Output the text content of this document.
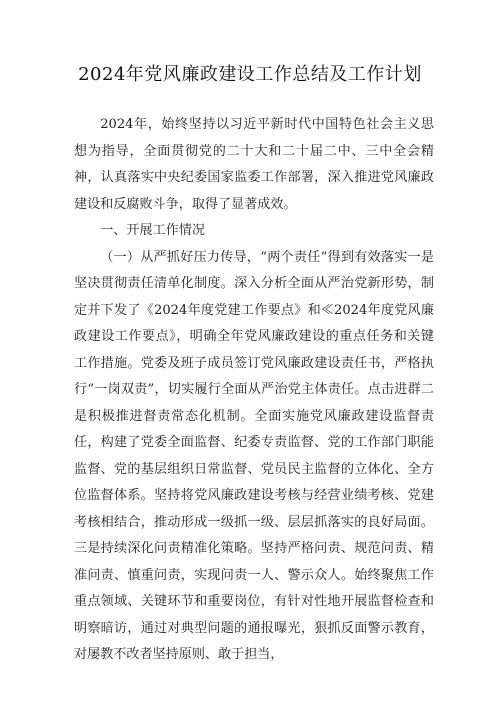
2024年党风廉政建设工作总结及工作计划

2024年，始终坚持以习近平新时代中国特色社会主义思想为指导，全面贯彻党的二十大和二十届二中、三中全会精神，认真落实中央纪委国家监委工作部署，深入推进党风廉政建设和反腐败斗争，取得了显著成效。

一、开展工作情况

（一）从严抓好压力传导，“两个责任”得到有效落实一是坚决贯彻责任清单化制度。深入分析全面从严治党新形势，制定并下发了《2024年度党建工作要点》和≪2024年度党风廉政建设工作要点》，明确全年党风廉政建设的重点任务和关键工作措施。党委及班子成员签订党风廉政建设责任书，严格执行“一岗双责”，切实履行全面从严治党主体责任。点击进群二是积极推进督责常态化机制。全面实施党风廉政建设监督责任，构建了党委全面监督、纪委专责监督、党的工作部门职能监督、党的基层组织日常监督、党员民主监督的立体化、全方位监督体系。坚持将党风廉政建设考核与经营业绩考核、党建考核相结合，推动形成一级抓一级、层层抓落实的良好局面。三是持续深化问责精准化策略。坚持严格问责、规范问责、精准问责、慎重问责，实现问责一人、警示众人。始终聚焦工作重点领域、关键环节和重要岗位，有针对性地开展监督检查和明察暗访，通过对典型问题的通报曝光，狠抓反面警示教育，对屡教不改者坚持原则、敢于担当，
